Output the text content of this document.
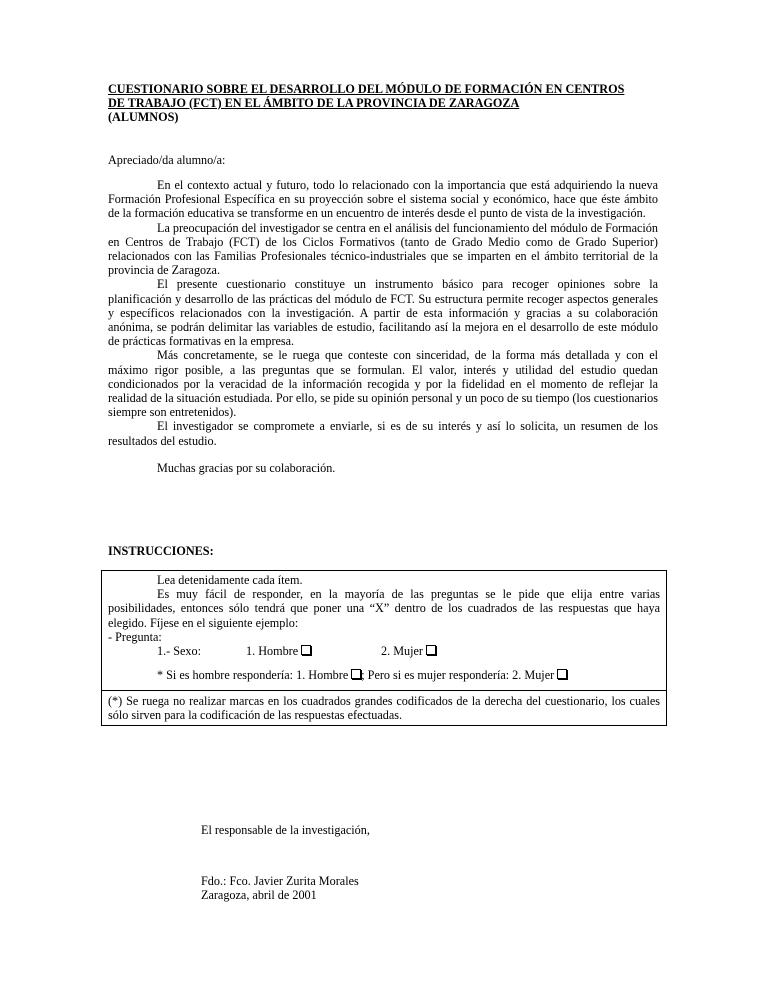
CUESTIONARIO SOBRE EL DESARROLLO DEL MÓDULO DE FORMACIÓN EN CENTROS
DE TRABAJO (FCT) EN EL ÁMBITO DE LA PROVINCIA DE ZARAGOZA
(ALUMNOS)
Apreciado/da alumno/a:

En el contexto actual y futuro, todo lo relacionado con la importancia que está adquiriendo la nueva Formación Profesional Específica en su proyección sobre el sistema social y económico, hace que éste ámbito de la formación educativa se transforme en un encuentro de interés desde el punto de vista de la investigación.

La preocupación del investigador se centra en el análisis del funcionamiento del módulo de Formación en Centros de Trabajo (FCT) de los Ciclos Formativos (tanto de Grado Medio como de Grado Superior) relacionados con las Familias Profesionales técnico-industriales que se imparten en el ámbito territorial de la provincia de Zaragoza.

El presente cuestionario constituye un instrumento básico para recoger opiniones sobre la planificación y desarrollo de las prácticas del módulo de FCT. Su estructura permite recoger aspectos generales y específicos relacionados con la investigación. A partir de esta información y gracias a su colaboración anónima, se podrán delimitar las variables de estudio, facilitando así la mejora en el desarrollo de este módulo de prácticas formativas en la empresa.

Más concretamente, se le ruega que conteste con sinceridad, de la forma más detallada y con el máximo rigor posible, a las preguntas que se formulan. El valor, interés y utilidad del estudio quedan condicionados por la veracidad de la información recogida y por la fidelidad en el momento de reflejar la realidad de la situación estudiada. Por ello, se pide su opinión personal y un poco de su tiempo (los cuestionarios siempre son entretenidos).

El investigador se compromete a enviarle, si es de su interés y así lo solicita, un resumen de los resultados del estudio.

Muchas gracias por su colaboración.
INSTRUCCIONES:

Lea detenidamente cada ítem.

Es muy fácil de responder, en la mayoría de las preguntas se le pide que elija entre varias posibilidades, entonces sólo tendrá que poner una “X” dentro de los cuadrados de las respuestas que haya elegido. Fíjese en el siguiente ejemplo:

- Pregunta:

1.- Sexo:	1. Hombre	2. Mujer
* Si es hombre respondería: 1. Hombre ; Pero si es mujer respondería: 2. Mujer
(*) Se ruega no realizar marcas en los cuadrados grandes codificados de la derecha del cuestionario, los cuales sólo sirven para la codificación de las respuestas efectuadas.
El responsable de la investigación,
Fdo.: Fco. Javier Zurita Morales
Zaragoza, abril de 2001
